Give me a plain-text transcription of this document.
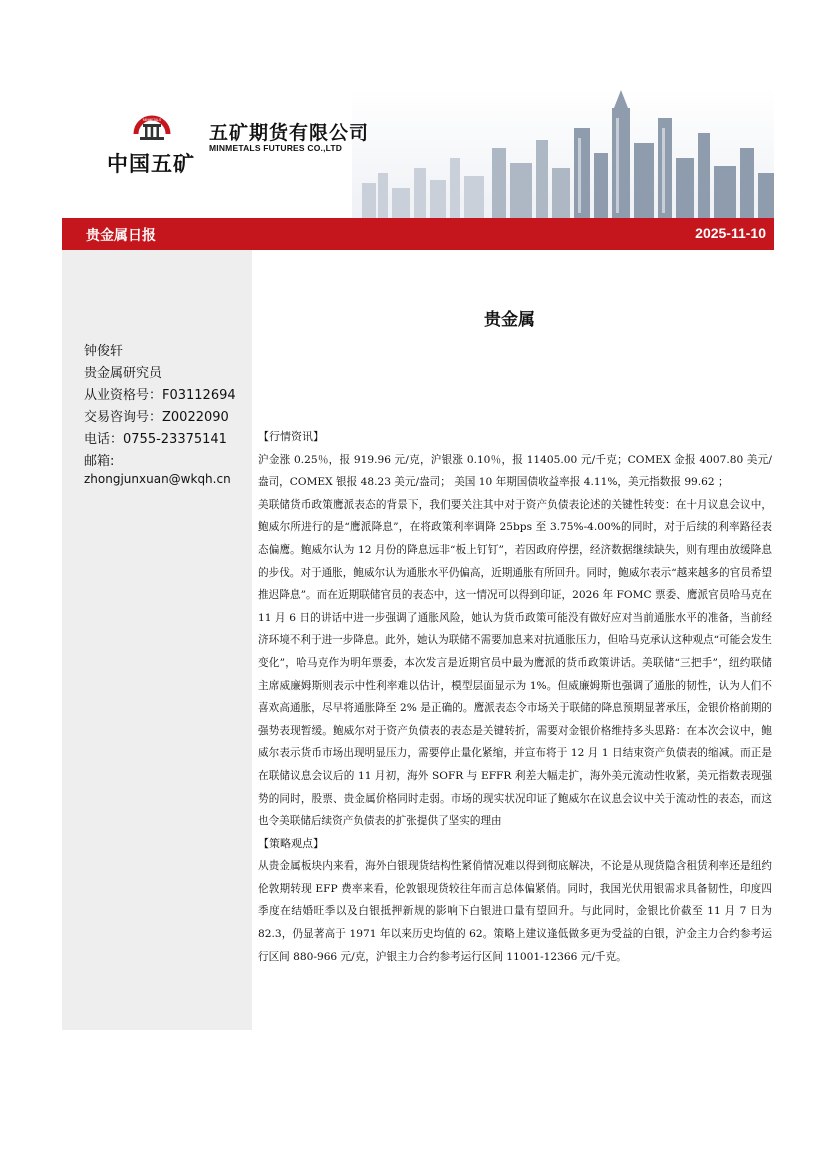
MINMETALS
中国五矿
五矿期货有限公司
MINMETALS FUTURES CO.,LTD
贵金属日报	2025-11-10
钟俊轩
贵金属研究员
从业资格号：F03112694
交易咨询号：Z0022090
电话：0755-23375141
邮箱:
zhongjunxuan@wkqh.cn
贵金属

【行情资讯】

沪金涨 0.25％，报 919.96 元/克，沪银涨 0.10％，报 11405.00 元/千克；COMEX 金报 4007.80 美元/盎司，COMEX 银报 48.23 美元/盎司； 美国 10 年期国债收益率报 4.11%，美元指数报 99.62 ；

美联储货币政策鹰派表态的背景下，我们要关注其中对于资产负债表论述的关键性转变：在十月议息会议中，鲍威尔所进行的是“鹰派降息”，在将政策利率调降 25bps 至 3.75%-4.00%的同时，对于后续的利率路径表态偏鹰。鲍威尔认为 12 月份的降息远非“板上钉钉”，若因政府停摆，经济数据继续缺失，则有理由放缓降息的步伐。对于通胀，鲍威尔认为通胀水平仍偏高，近期通胀有所回升。同时，鲍威尔表示“越来越多的官员希望推迟降息”。而在近期联储官员的表态中，这一情况可以得到印证，2026 年 FOMC 票委、鹰派官员哈马克在 11 月 6 日的讲话中进一步强调了通胀风险，她认为货币政策可能没有做好应对当前通胀水平的准备，当前经济环境不利于进一步降息。此外，她认为联储不需要加息来对抗通胀压力，但哈马克承认这种观点“可能会发生变化”，哈马克作为明年票委，本次发言是近期官员中最为鹰派的货币政策讲话。美联储“三把手”，纽约联储主席威廉姆斯则表示中性利率难以估计，模型层面显示为 1%。但威廉姆斯也强调了通胀的韧性，认为人们不喜欢高通胀，尽早将通胀降至 2% 是正确的。鹰派表态令市场关于联储的降息预期显著承压，金银价格前期的强势表现暂缓。鲍威尔对于资产负债表的表态是关键转折，需要对金银价格维持多头思路：在本次会议中，鲍威尔表示货币市场出现明显压力，需要停止量化紧缩，并宣布将于 12 月 1 日结束资产负债表的缩减。而正是在联储议息会议后的 11 月初，海外 SOFR 与 EFFR 利差大幅走扩，海外美元流动性收紧，美元指数表现强势的同时，股票、贵金属价格同时走弱。市场的现实状况印证了鲍威尔在议息会议中关于流动性的表态，而这也令美联储后续资产负债表的扩张提供了坚实的理由

【策略观点】

从贵金属板块内来看，海外白银现货结构性紧俏情况难以得到彻底解决，不论是从现货隐含租赁利率还是纽约伦敦期转现 EFP 费率来看，伦敦银现货较往年而言总体偏紧俏。同时，我国光伏用银需求具备韧性，印度四季度在结婚旺季以及白银抵押新规的影响下白银进口量有望回升。与此同时，金银比价截至 11 月 7 日为 82.3，仍显著高于 1971 年以来历史均值的 62。策略上建议逢低做多更为受益的白银，沪金主力合约参考运行区间 880-966 元/克，沪银主力合约参考运行区间 11001-12366 元/千克。
